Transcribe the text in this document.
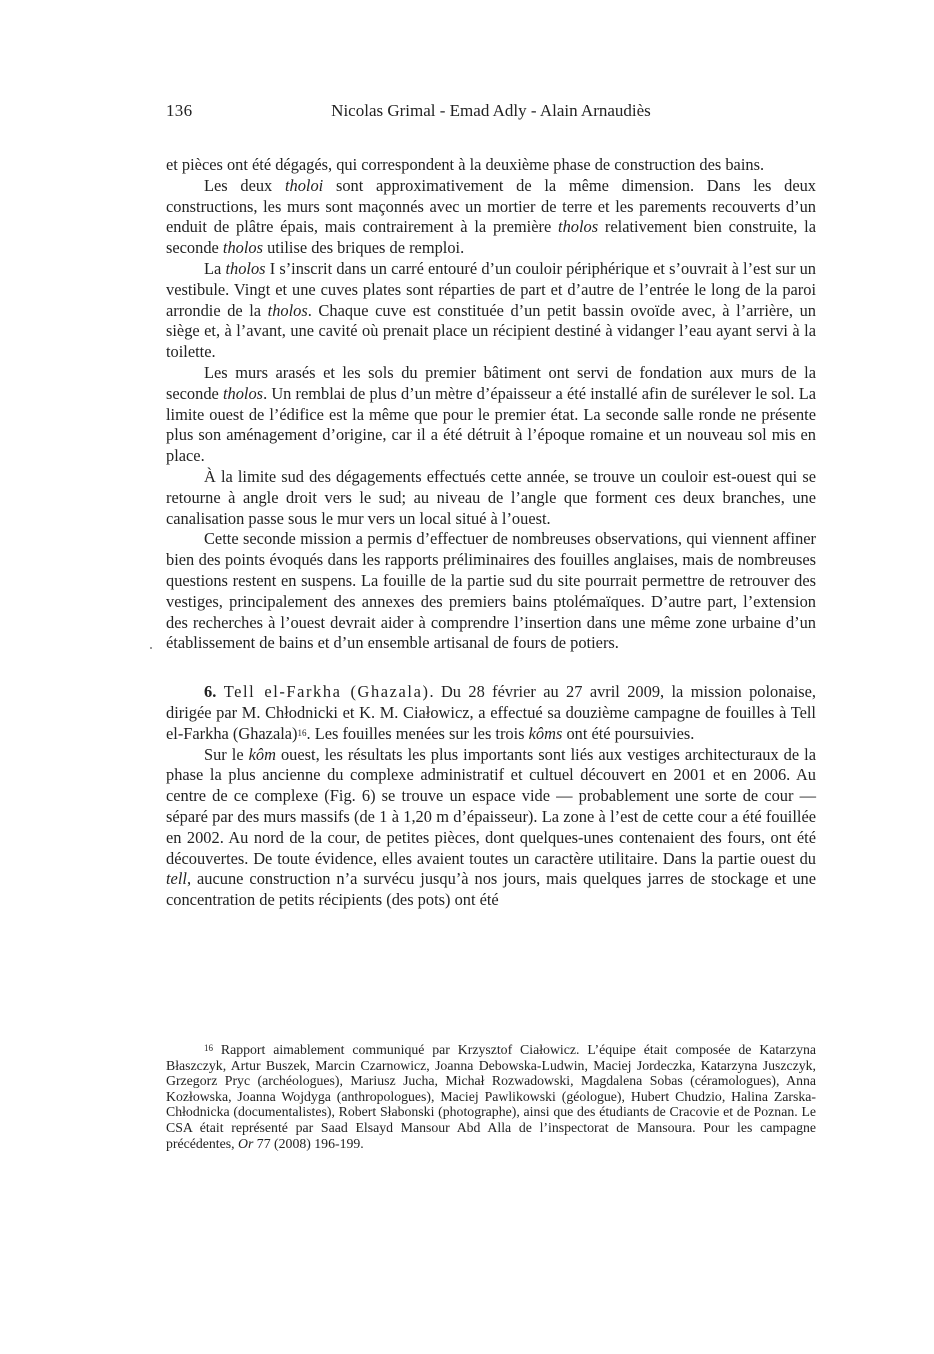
136	Nicolas Grimal - Emad Adly - Alain Arnaudiès

et pièces ont été dégagés, qui correspondent à la deuxième phase de construction des bains.

Les deux tholoi sont approximativement de la même dimension. Dans les deux constructions, les murs sont maçonnés avec un mortier de terre et les parements recouverts d’un enduit de plâtre épais, mais contrairement à la première tholos relativement bien construite, la seconde tholos utilise des briques de remploi.

La tholos I s’inscrit dans un carré entouré d’un couloir périphérique et s’ouvrait à l’est sur un vestibule. Vingt et une cuves plates sont réparties de part et d’autre de l’entrée le long de la paroi arrondie de la tholos. Chaque cuve est constituée d’un petit bassin ovoïde avec, à l’arrière, un siège et, à l’avant, une cavité où prenait place un récipient destiné à vidanger l’eau ayant servi à la toilette.

Les murs arasés et les sols du premier bâtiment ont servi de fondation aux murs de la seconde tholos. Un remblai de plus d’un mètre d’épaisseur a été installé afin de surélever le sol. La limite ouest de l’édifice est la même que pour le premier état. La seconde salle ronde ne présente plus son aménagement d’origine, car il a été détruit à l’époque romaine et un nouveau sol mis en place.

À la limite sud des dégagements effectués cette année, se trouve un couloir est-ouest qui se retourne à angle droit vers le sud; au niveau de l’angle que forment ces deux branches, une canalisation passe sous le mur vers un local situé à l’ouest.

Cette seconde mission a permis d’effectuer de nombreuses observations, qui viennent affiner bien des points évoqués dans les rapports préliminaires des fouilles anglaises, mais de nombreuses questions restent en suspens. La fouille de la partie sud du site pourrait permettre de retrouver des vestiges, principalement des annexes des premiers bains ptolémaïques. D’autre part, l’extension des recherches à l’ouest devrait aider à comprendre l’insertion dans une même zone urbaine d’un établissement de bains et d’un ensemble artisanal de fours de potiers.

6. Tell el-Farkha (Ghazala). Du 28 février au 27 avril 2009, la mission polonaise, dirigée par M. Chłodnicki et K. M. Ciałowicz, a effectué sa douzième campagne de fouilles à Tell el-Farkha (Ghazala)$^{16}$. Les fouilles menées sur les trois kôms ont été poursuivies.

Sur le kôm ouest, les résultats les plus importants sont liés aux vestiges architecturaux de la phase la plus ancienne du complexe administratif et cultuel découvert en 2001 et en 2006. Au centre de ce complexe (Fig. 6) se trouve un espace vide — probablement une sorte de cour — séparé par des murs massifs (de 1 à 1,20 m d’épaisseur). La zone à l’est de cette cour a été fouillée en 2002. Au nord de la cour, de petites pièces, dont quelques-unes contenaient des fours, ont été découvertes. De toute évidence, elles avaient toutes un caractère utilitaire. Dans la partie ouest du tell, aucune construction n’a survécu jusqu’à nos jours, mais quelques jarres de stockage et une concentration de petits récipients (des pots) ont été

$^{16}$ Rapport aimablement communiqué par Krzysztof Ciałowicz. L’équipe était composée de Katarzyna Błaszczyk, Artur Buszek, Marcin Czarnowicz, Joanna Debowska-Ludwin, Maciej Jordeczka, Katarzyna Juszczyk, Grzegorz Pryc (archéologues), Mariusz Jucha, Michał Rozwadowski, Magdalena Sobas (céramologues), Anna Kozłowska, Joanna Wojdyga (anthropologues), Maciej Pawlikowski (géologue), Hubert Chudzio, Halina Zarska-Chłodnicka (documentalistes), Robert Słabonski (photographe), ainsi que des étudiants de Cracovie et de Poznan. Le CSA était représenté par Saad Elsayd Mansour Abd Alla de l’inspectorat de Mansoura. Pour les campagne précédentes, Or 77 (2008) 196-199.
